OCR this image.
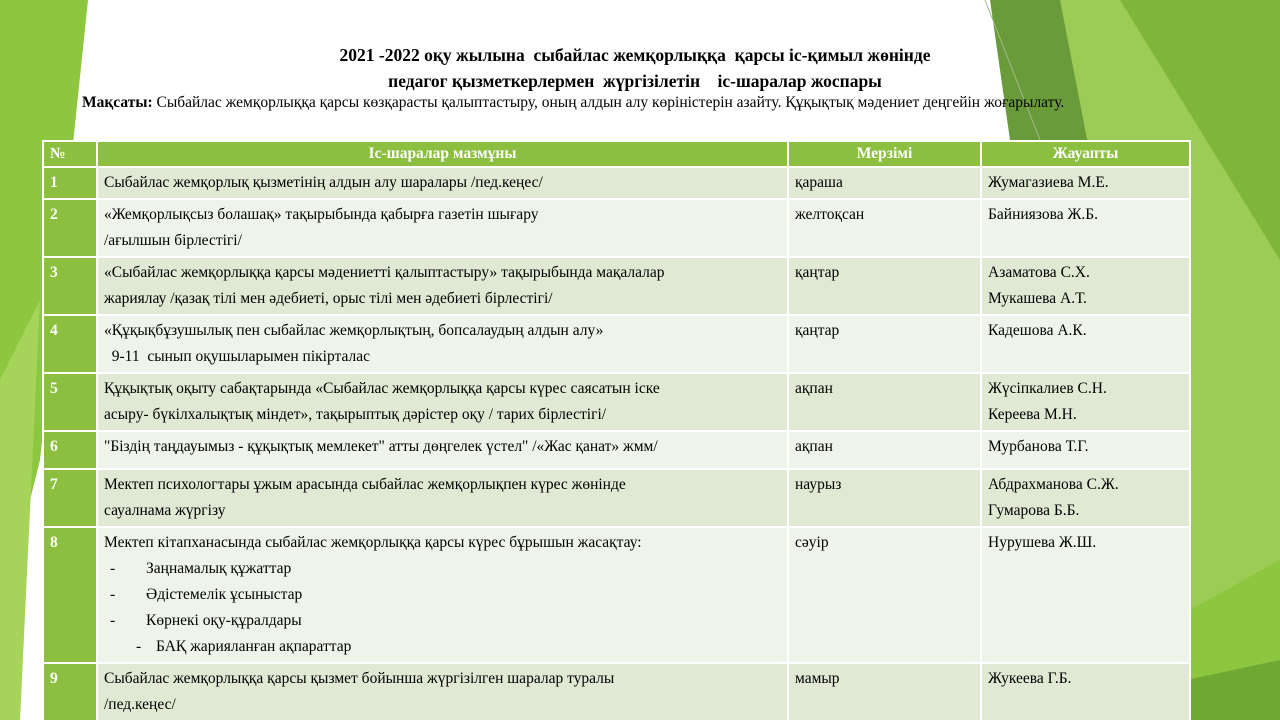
2021 -2022 оқу жылына  сыбайлас жемқорлыққа  қарсы іс-қимыл жөнінде
педагог қызметкерлермен  жүргізілетін    іс-шаралар жоспары
Мақсаты: Сыбайлас жемқорлыққа қарсы көзқарасты қалыптастыру, оның алдын алу көріністерін азайту. Құқықтық мәдениет деңгейін жоғарылату.
№	Іс-шаралар мазмұны	Мерзімі	Жауапты
1	Сыбайлас жемқорлық қызметінің алдын алу шаралары /пед.кеңес/	қараша	Жумагазиева М.Е.

2	«Жемқорлықсыз болашақ» тақырыбында қабырға газетін шығару
/ағылшын бірлестігі/	желтоқсан	Байниязова Ж.Б.

3	«Сыбайлас жемқорлыққа қарсы мәдениетті қалыптастыру» тақырыбында мақалалар
жариялау /қазақ тілі мен әдебиеті, орыс тілі мен әдебиеті бірлестігі/	қаңтар	Азаматова С.Х.
Мукашева А.Т.

4	«Құқықбұзушылық пен сыбайлас жемқорлықтың, бопсалаудың алдын алу»
9-11  сынып оқушыларымен пікірталас	қаңтар	Кадешова А.К.

5	Құқықтық оқыту сабақтарында «Сыбайлас жемқорлыққа қарсы күрес саясатын іске
асыру- бүкілхалықтық міндет», тақырыптық дәрістер оқу / тарих бірлестігі/	ақпан	Жүсіпкалиев С.Н.
Кереева М.Н.

6	"Біздің таңдауымыз - құқықтық мемлекет" атты дөңгелек үстел" /«Жас қанат» жмм/	ақпан	Мурбанова Т.Г.

7	Мектеп психологтары ұжым арасында сыбайлас жемқорлықпен күрес жөнінде
сауалнама жүргізу	наурыз	Абдрахманова С.Ж.
Гумарова Б.Б.

8	Мектеп кітапханасында сыбайлас жемқорлыққа қарсы күрес бұрышын жасақтау:
- Заңнамалық құжаттар
- Әдістемелік ұсыныстар
- Көрнекі оқу-құралдары
- БАҚ жарияланған ақпараттар	сәуір	Нурушева Ж.Ш.

9	Сыбайлас жемқорлыққа қарсы қызмет бойынша жүргізілген шаралар туралы
/пед.кеңес/	мамыр	Жукеева Г.Б.
